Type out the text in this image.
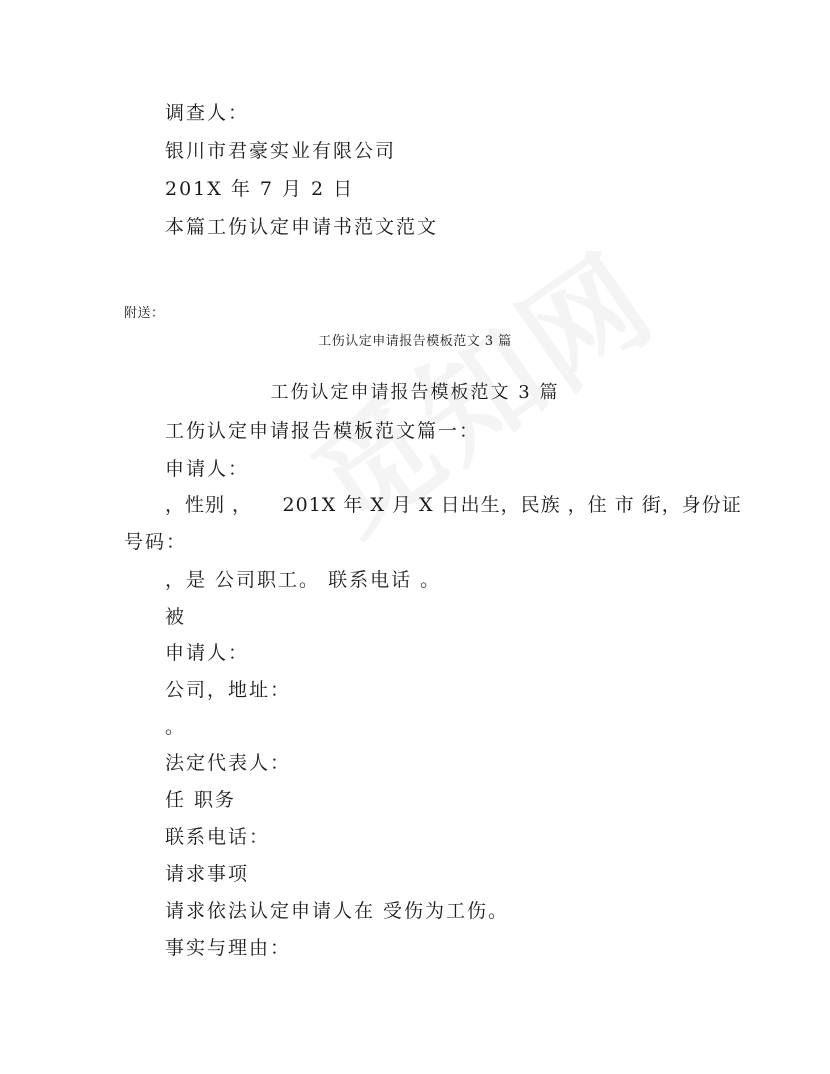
调查人：
银川市君豪实业有限公司
201X 年 7 月 2 日
本篇工伤认定申请书范文范文
附送：
工伤认定申请报告模板范文 3 篇
工伤认定申请报告模板范文 3 篇
工伤认定申请报告模板范文篇一：
申请人：
，性别 ，　　201X 年 X 月 X 日出生，民族 ，住 市 街，身份证
号码：
，是 公司职工。 联系电话 。
被
申请人：
公司，地址：
。
法定代表人：
任 职务
联系电话：
请求事项
请求依法认定申请人在 受伤为工伤。
事实与理由：
